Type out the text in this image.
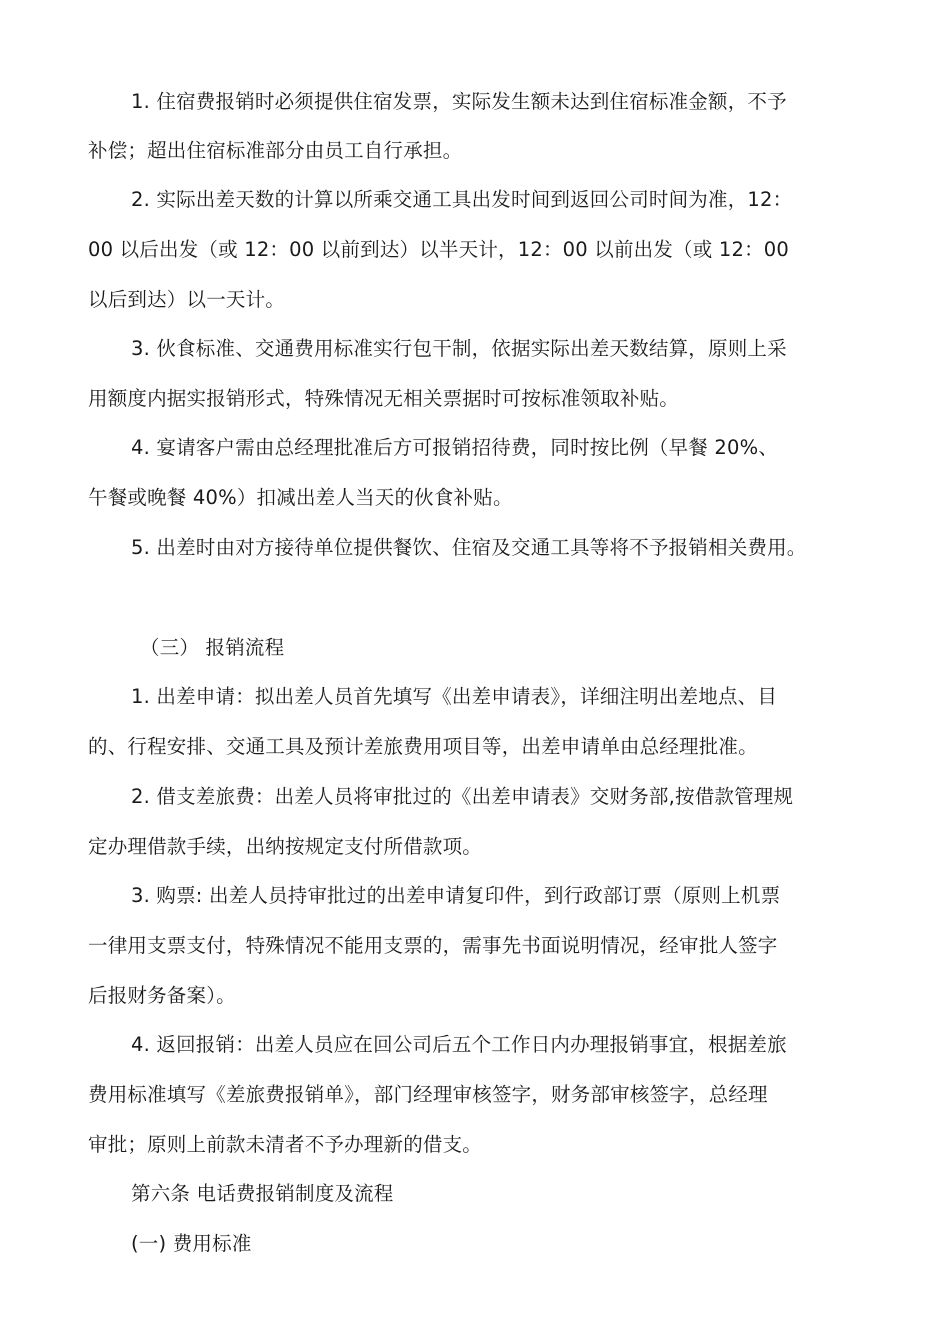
1. 住宿费报销时必须提供住宿发票，实际发生额未达到住宿标准金额，不予
补偿；超出住宿标准部分由员工自行承担。
2. 实际出差天数的计算以所乘交通工具出发时间到返回公司时间为准，12：
00 以后出发（或 12：00 以前到达）以半天计，12：00 以前出发（或 12：00
以后到达）以一天计。
3. 伙食标准、交通费用标准实行包干制，依据实际出差天数结算，原则上采
用额度内据实报销形式，特殊情况无相关票据时可按标准领取补贴。
4. 宴请客户需由总经理批准后方可报销招待费，同时按比例（早餐 20%、
午餐或晚餐 40%）扣减出差人当天的伙食补贴。
5. 出差时由对方接待单位提供餐饮、住宿及交通工具等将不予报销相关费用。
（三） 报销流程
1. 出差申请：拟出差人员首先填写《出差申请表》，详细注明出差地点、目
的、行程安排、交通工具及预计差旅费用项目等，出差申请单由总经理批准。
2. 借支差旅费：出差人员将审批过的《出差申请表》交财务部,按借款管理规
定办理借款手续，出纳按规定支付所借款项。
3. 购票: 出差人员持审批过的出差申请复印件，到行政部订票（原则上机票
一律用支票支付，特殊情况不能用支票的，需事先书面说明情况，经审批人签字
后报财务备案）。
4. 返回报销：出差人员应在回公司后五个工作日内办理报销事宜，根据差旅
费用标准填写《差旅费报销单》，部门经理审核签字，财务部审核签字，总经理
审批；原则上前款未清者不予办理新的借支。
第六条 电话费报销制度及流程
(一) 费用标准
